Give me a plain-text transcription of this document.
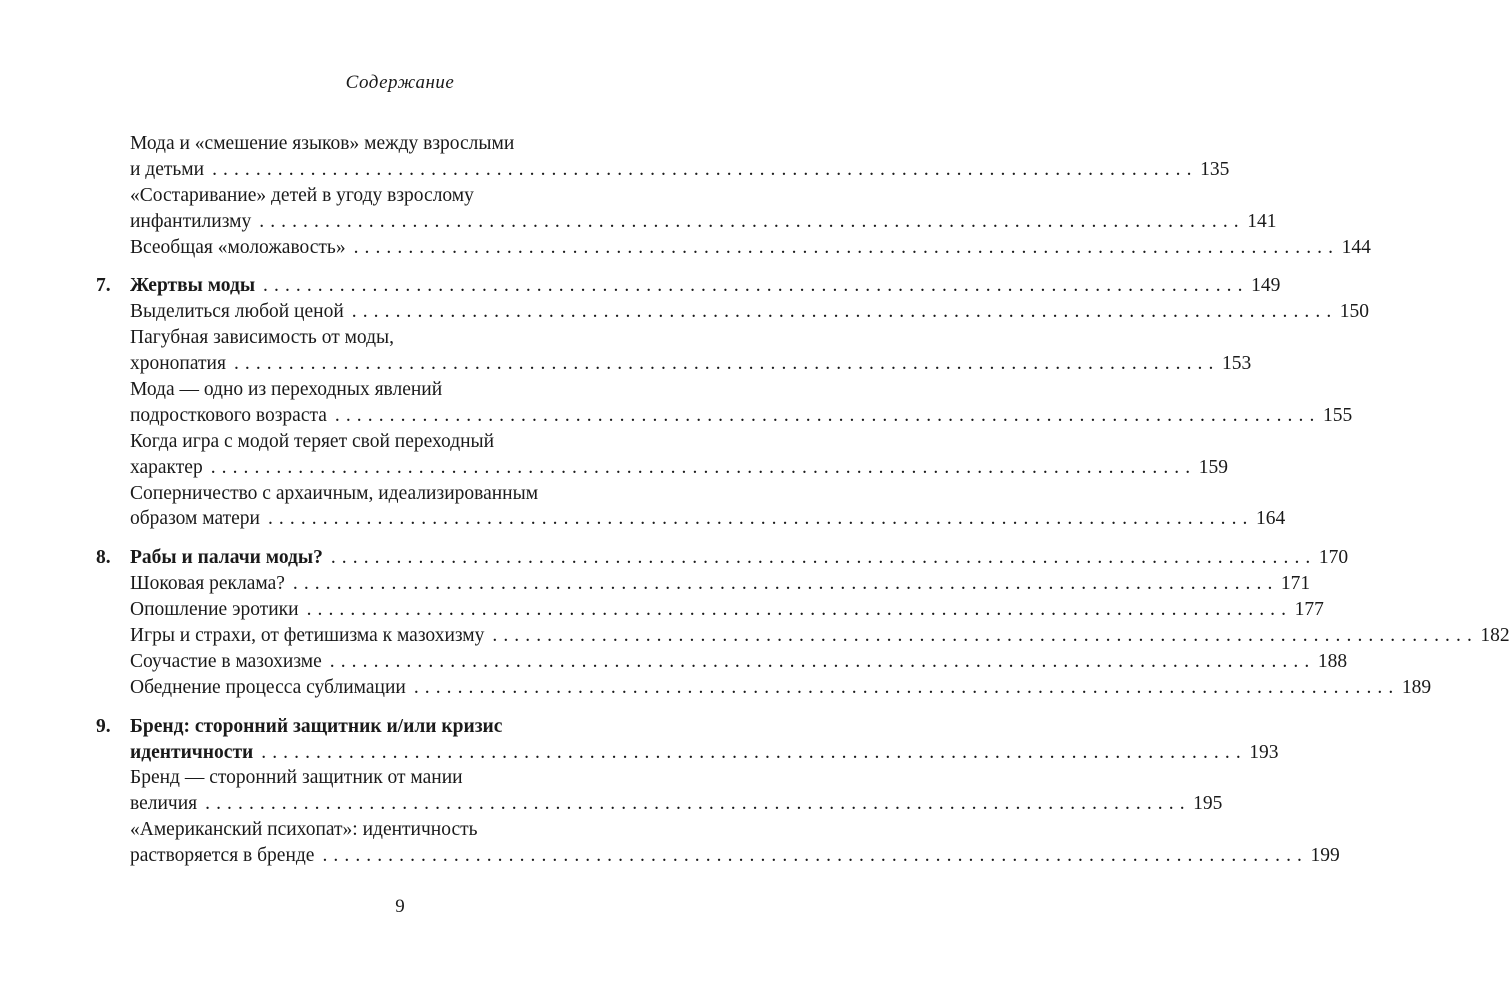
Содержание
Мода и «смешение языков» между взрослыми
и детьми . . .	135
«Состаривание» детей в угоду взрослому
инфантилизму . . .	141
Всеобщая «моложавость» . . .	144
7. Жертвы моды . . .	149
Выделиться любой ценой . . .	150
Пагубная зависимость от моды,
хронопатия . . .	153
Мода — одно из переходных явлений
подросткового возраста . . .	155
Когда игра с модой теряет свой переходный
характер . . .	159
Соперничество с архаичным, идеализированным
образом матери . . .	164
8. Рабы и палачи моды? . . .	170
Шоковая реклама? . . .	171
Опошление эротики . . .	177
Игры и страхи, от фетишизма к мазохизму . . .	182
Соучастие в мазохизме . . .	188
Обеднение процесса сублимации . . .	189
9. Бренд: сторонний защитник и/или кризис
идентичности . . .	193
Бренд — сторонний защитник от мании
величия . . .	195
«Американский психопат»: идентичность
растворяется в бренде . . .	199
9
